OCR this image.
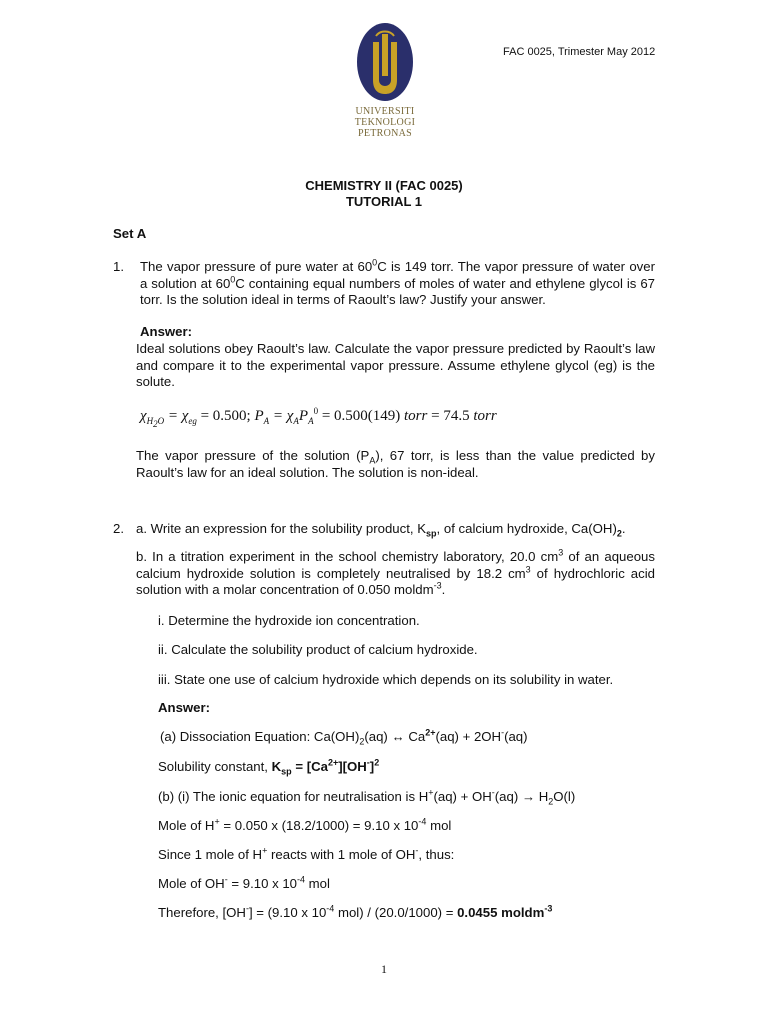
UNIVERSITI
TEKNOLOGI
PETRONAS
FAC 0025, Trimester May 2012
CHEMISTRY II (FAC 0025)
TUTORIAL 1
Set A
1.	The vapor pressure of pure water at $60^0C$ is 149 torr. The vapor pressure of water over a solution at $60^0C$ containing equal numbers of moles of water and ethylene glycol is 67 torr. Is the solution ideal in terms of Raoult’s law? Justify your answer.
Answer:
Ideal solutions obey Raoult’s law. Calculate the vapor pressure predicted by Raoult’s law and compare it to the experimental vapor pressure. Assume ethylene glycol (eg) is the solute.
$\chi_{H_2O} = \chi_{eg} = 0.500$; $P_A = \chi_AP_A^0 = 0.500(149)$ torr = 74.5 torr
The vapor pressure of the solution $(P_A)$, 67 torr, is less than the value predicted by Raoult’s law for an ideal solution. The solution is non-ideal.
2. a. Write an expression for the solubility product, $K_{sp}$, of calcium hydroxide, $Ca(OH)_2$.
b. In a titration experiment in the school chemistry laboratory, 20.0 $cm^3$ of an aqueous calcium hydroxide solution is completely neutralised by 18.2 $cm^3$ of hydrochloric acid solution with a molar concentration of 0.050 moldm$^{-3}$.
i. Determine the hydroxide ion concentration.
ii. Calculate the solubility product of calcium hydroxide.
iii. State one use of calcium hydroxide which depends on its solubility in water.
Answer:
(a) Dissociation Equation: $Ca(OH)_2(aq)$ ↔ $Ca^{2+}(aq) + 2OH^-(aq)$
Solubility constant, $K_{sp} = [Ca^{2+}][OH^-]^2$
(b) (i) The ionic equation for neutralisation is $H^+(aq) + OH^-(aq) \to H_2O(l)$
Mole of H+ = 0.050 x (18.2/1000) = 9.10 x $10^{-4}$ mol
Since 1 mole of H+ reacts with 1 mole of OH-, thus:
Mole of OH- = 9.10 x $10^{-4}$ mol
Therefore, [OH-] = (9.10 x $10^{-4}$ mol) / (20.0/1000) = 0.0455 moldm$^{-3}$
1
